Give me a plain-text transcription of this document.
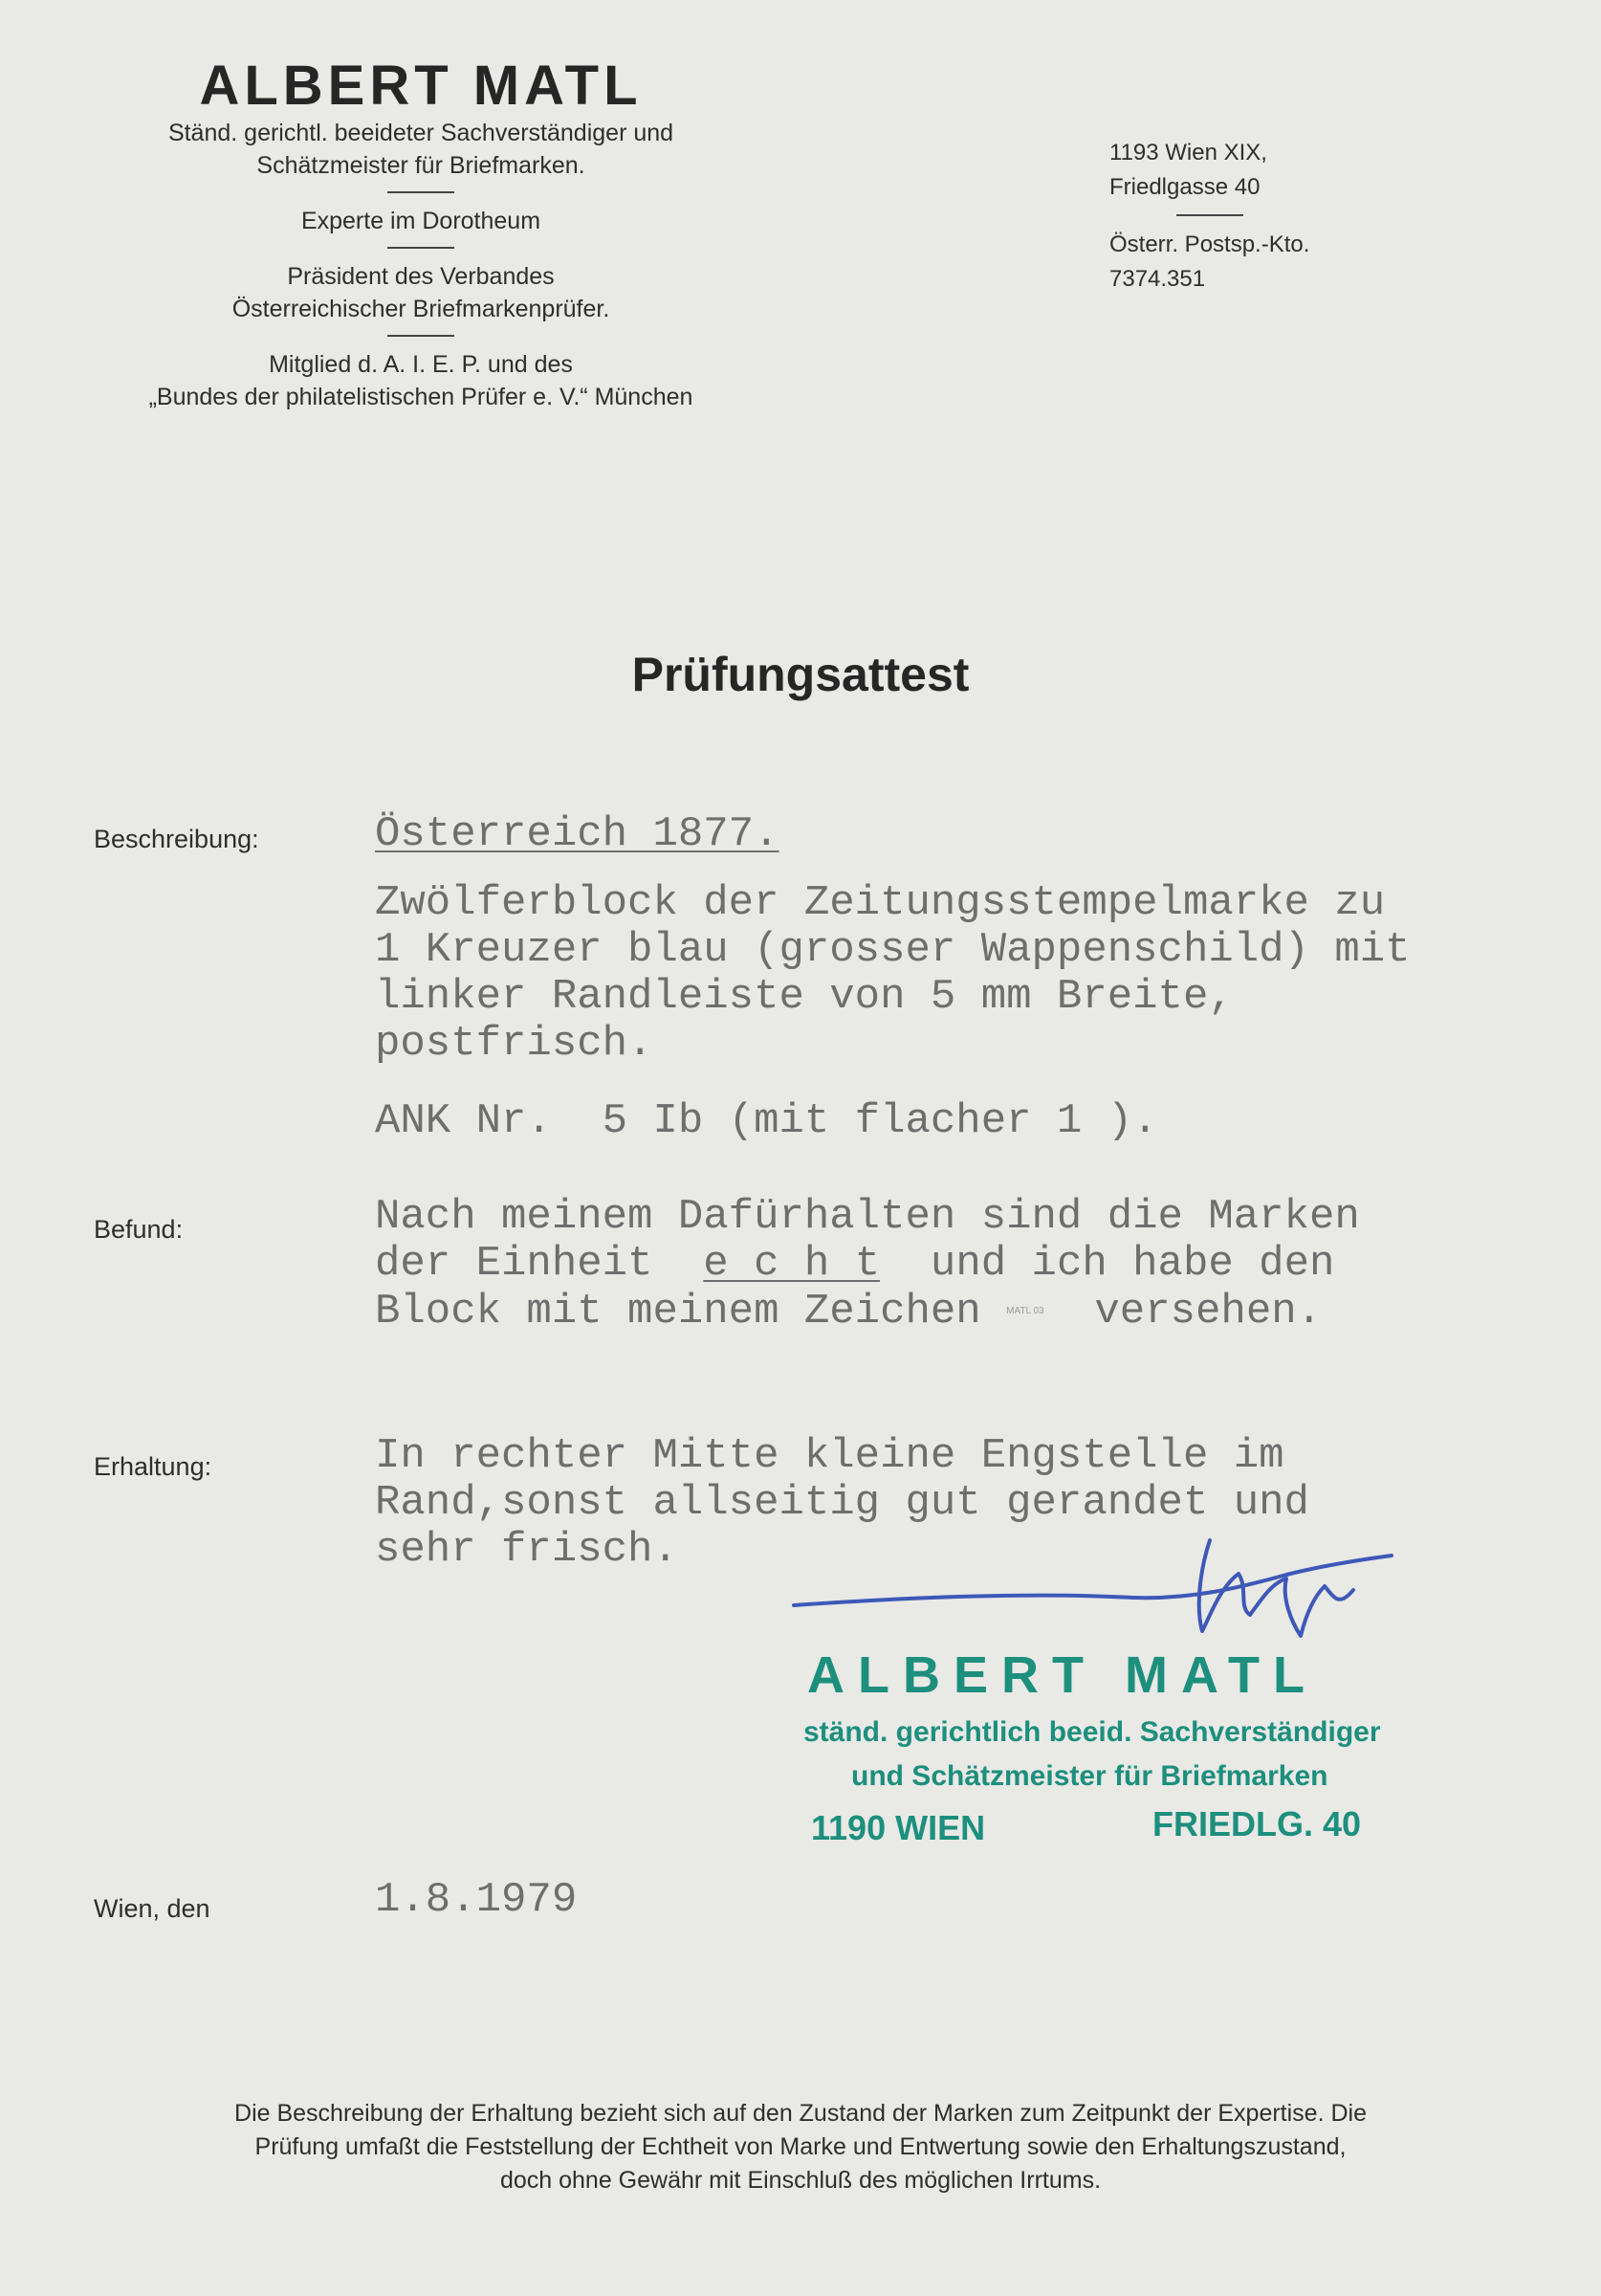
ALBERT MATL
Ständ. gerichtl. beeideter Sachverständiger und
Schätzmeister für Briefmarken.
Experte im Dorotheum
Präsident des Verbandes
Österreichischer Briefmarkenprüfer.
Mitglied d. A. I. E. P. und des
„Bundes der philatelistischen Prüfer e. V.“ München
1193 Wien XIX,
Friedlgasse 40
Österr. Postsp.-Kto.
7374.351
Prüfungsattest
Beschreibung:	Österreich 1877.
Zwölferblock der Zeitungsstempelmarke zu
1 Kreuzer blau (grosser Wappenschild) mit
linker Randleiste von 5 mm Breite,
postfrisch.
ANK Nr.  5 Ib (mit flacher 1 ).
Befund:	Nach meinem Dafürhalten sind die Marken
der Einheit  e c h t  und ich habe den
Block mit meinem Zeichen MATL 03  versehen.
Erhaltung:	In rechter Mitte kleine Engstelle im
Rand,sonst allseitig gut gerandet und
sehr frisch.
ALBERT MATL
ständ. gerichtlich beeid. Sachverständiger
und Schätzmeister für Briefmarken
1190 WIEN	FRIEDLG. 40
Wien, den	1.8.1979
Die Beschreibung der Erhaltung bezieht sich auf den Zustand der Marken zum Zeitpunkt der Expertise. Die
Prüfung umfaßt die Feststellung der Echtheit von Marke und Entwertung sowie den Erhaltungszustand,
doch ohne Gewähr mit Einschluß des möglichen Irrtums.
